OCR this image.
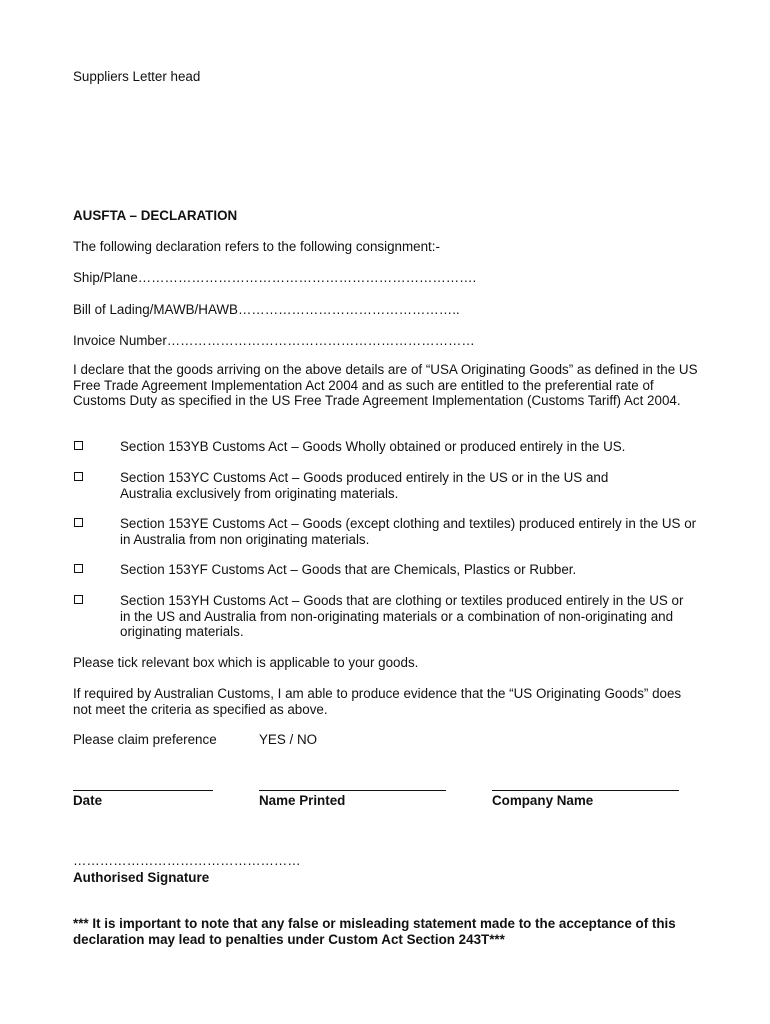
Suppliers Letter head
AUSFTA – DECLARATION
The following declaration refers to the following consignment:-
Ship/Plane………………………………………………………………….
Bill of Lading/MAWB/HAWB…………………………………………..
Invoice Number……………………………………………………………
I declare that the goods arriving on the above details are of “USA Originating Goods” as defined in the US Free Trade Agreement Implementation Act 2004 and as such are entitled to the preferential rate of Customs Duty as specified in the US Free Trade Agreement Implementation (Customs Tariff) Act 2004.
Section 153YB Customs Act – Goods Wholly obtained or produced entirely in the US.
Section 153YC Customs Act – Goods produced entirely in the US or in the US and Australia exclusively from originating materials.
Section 153YE Customs Act – Goods (except clothing and textiles) produced entirely in the US or in Australia from non originating materials.
Section 153YF Customs Act – Goods that are Chemicals, Plastics or Rubber.
Section 153YH Customs Act – Goods that are clothing or textiles produced entirely in the US or in the US and Australia from non-originating materials or a combination of non-originating and originating materials.
Please tick relevant box which is applicable to your goods.
If required by Australian Customs, I am able to produce evidence that the “US Originating Goods” does not meet the criteria as specified as above.
Please claim preference	YES / NO
Date	Name Printed	Company Name
……………………………………………
Authorised Signature
*** It is important to note that any false or misleading statement made to the acceptance of this declaration may lead to penalties under Custom Act Section 243T***
